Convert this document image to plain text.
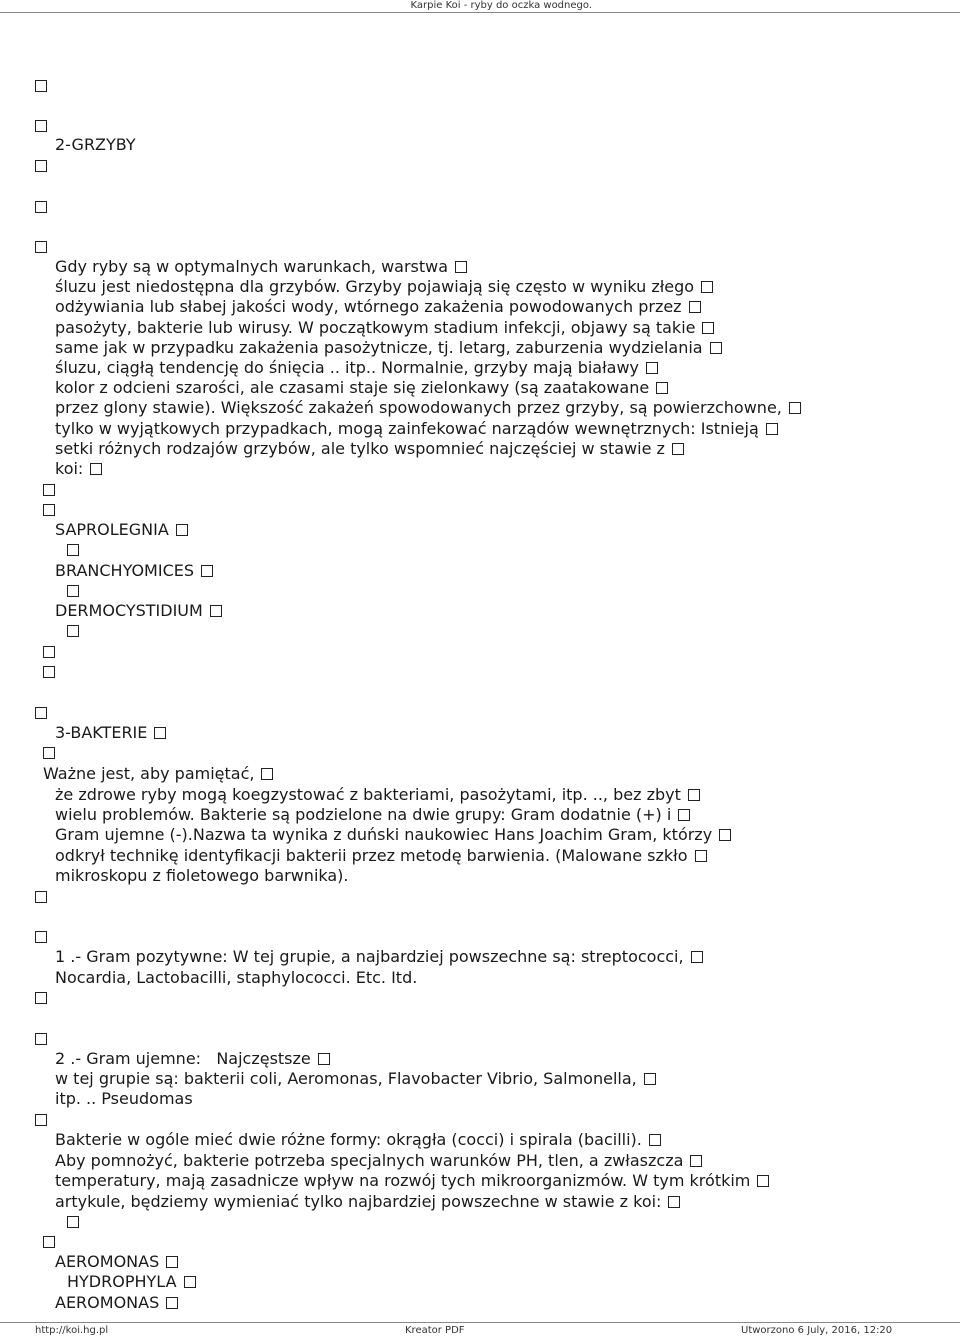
Karpie Koi - ryby do oczka wodnego.
2-GRZYBY
Gdy ryby są w optymalnych warunkach, warstwa
śluzu jest niedostępna dla grzybów. Grzyby pojawiają się często w wyniku złego
odżywiania lub słabej jakości wody, wtórnego zakażenia powodowanych przez
pasożyty, bakterie lub wirusy. W początkowym stadium infekcji, objawy są takie
same jak w przypadku zakażenia pasożytnicze, tj. letarg, zaburzenia wydzielania
śluzu, ciągłą tendencję do śnięcia .. itp.. Normalnie, grzyby mają białawy
kolor z odcieni szarości, ale czasami staje się zielonkawy (są zaatakowane
przez glony stawie). Większość zakażeń spowodowanych przez grzyby, są powierzchowne,
tylko w wyjątkowych przypadkach, mogą zainfekować narządów wewnętrznych: Istnieją
setki różnych rodzajów grzybów, ale tylko wspomnieć najczęściej w stawie z
koi:
SAPROLEGNIA
BRANCHYOMICES
DERMOCYSTIDIUM
3-BAKTERIE
Ważne jest, aby pamiętać,
że zdrowe ryby mogą koegzystować z bakteriami, pasożytami, itp. .., bez zbyt
wielu problemów. Bakterie są podzielone na dwie grupy: Gram dodatnie (+) i
Gram ujemne (-).Nazwa ta wynika z duński naukowiec Hans Joachim Gram, którzy
odkrył technikę identyfikacji bakterii przez metodę barwienia. (Malowane szkło
mikroskopu z fioletowego barwnika).
1 .- Gram pozytywne: W tej grupie, a najbardziej powszechne są: streptococci,
Nocardia, Lactobacilli, staphylococci. Etc. Itd.
2 .- Gram ujemne:   Najczęstsze
w tej grupie są: bakterii coli, Aeromonas, Flavobacter Vibrio, Salmonella,
itp. .. Pseudomas
Bakterie w ogóle mieć dwie różne formy: okrągła (cocci) i spirala (bacilli).
Aby pomnożyć, bakterie potrzeba specjalnych warunków PH, tlen, a zwłaszcza
temperatury, mają zasadnicze wpływ na rozwój tych mikroorganizmów. W tym krótkim
artykule, będziemy wymieniać tylko najbardziej powszechne w stawie z koi:
AEROMONAS
HYDROPHYLA
AEROMONAS
http://koi.hg.pl	Kreator PDF	Utworzono 6 July, 2016, 12:20
